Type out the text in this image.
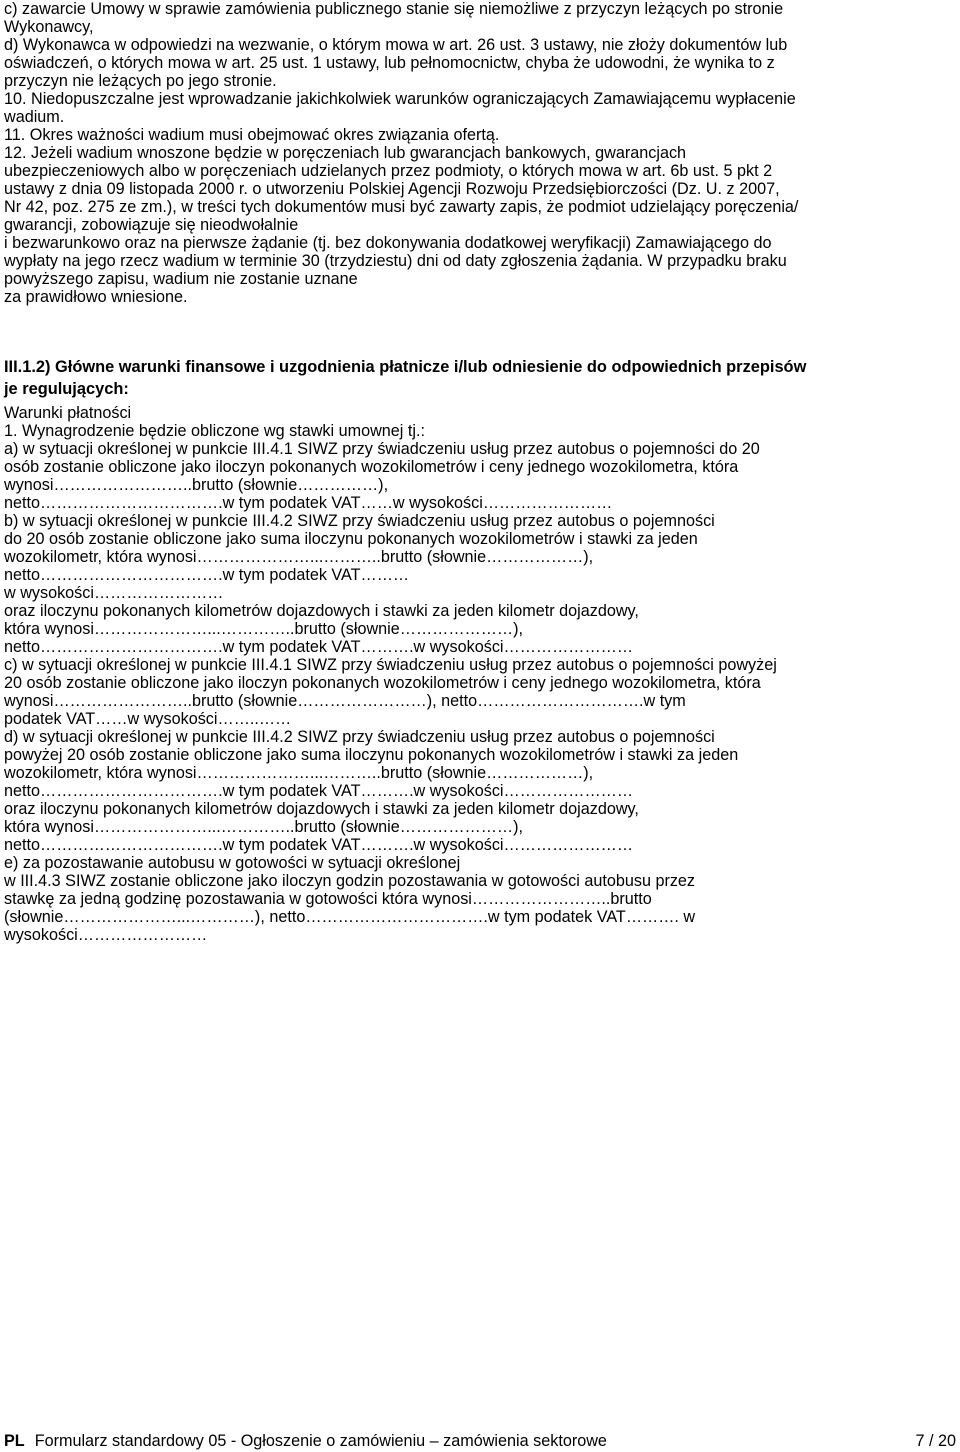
c) zawarcie Umowy w sprawie zamówienia publicznego stanie się niemożliwe z przyczyn leżących po stronie
Wykonawcy,
d) Wykonawca w odpowiedzi na wezwanie, o którym mowa w art. 26 ust. 3 ustawy, nie złoży dokumentów lub
oświadczeń, o których mowa w art. 25 ust. 1 ustawy, lub pełnomocnictw, chyba że udowodni, że wynika to z
przyczyn nie leżących po jego stronie.
10. Niedopuszczalne jest wprowadzanie jakichkolwiek warunków ograniczających Zamawiającemu wypłacenie
wadium.
11. Okres ważności wadium musi obejmować okres związania ofertą.
12. Jeżeli wadium wnoszone będzie w poręczeniach lub gwarancjach bankowych, gwarancjach
ubezpieczeniowych albo w poręczeniach udzielanych przez podmioty, o których mowa w art. 6b ust. 5 pkt 2
ustawy z dnia 09 listopada 2000 r. o utworzeniu Polskiej Agencji Rozwoju Przedsiębiorczości (Dz. U. z 2007,
Nr 42, poz. 275 ze zm.), w treści tych dokumentów musi być zawarty zapis, że podmiot udzielający poręczenia/
gwarancji, zobowiązuje się nieodwołalnie
i bezwarunkowo oraz na pierwsze żądanie (tj. bez dokonywania dodatkowej weryfikacji) Zamawiającego do
wypłaty na jego rzecz wadium w terminie 30 (trzydziestu) dni od daty zgłoszenia żądania. W przypadku braku
powyższego zapisu, wadium nie zostanie uznane
za prawidłowo wniesione.
III.1.2) Główne warunki finansowe i uzgodnienia płatnicze i/lub odniesienie do odpowiednich przepisów
je regulujących:
Warunki płatności
1. Wynagrodzenie będzie obliczone wg stawki umownej tj.:
a) w sytuacji określonej w punkcie III.4.1 SIWZ przy świadczeniu usług przez autobus o pojemności do 20
osób zostanie obliczone jako iloczyn pokonanych wozokilometrów i ceny jednego wozokilometra, która
wynosi……………………..brutto (słownie……………),
netto…………………………….w tym podatek VAT……w wysokości……………………
b) w sytuacji określonej w punkcie III.4.2 SIWZ przy świadczeniu usług przez autobus o pojemności
do 20 osób zostanie obliczone jako suma iloczynu pokonanych wozokilometrów i stawki za jeden
wozokilometr, która wynosi…………………...………..brutto (słownie………………),
netto…………………………….w tym podatek VAT………
w wysokości……………………
oraz iloczynu pokonanych kilometrów dojazdowych i stawki za jeden kilometr dojazdowy,
która wynosi…………………...…………..brutto (słownie…………………),
netto…………………………….w tym podatek VAT……….w wysokości……………………
c) w sytuacji określonej w punkcie III.4.1 SIWZ przy świadczeniu usług przez autobus o pojemności powyżej
20 osób zostanie obliczone jako iloczyn pokonanych wozokilometrów i ceny jednego wozokilometra, która
wynosi……………………..brutto (słownie……………………), netto………………………….w tym
podatek VAT……w wysokości……..……
d) w sytuacji określonej w punkcie III.4.2 SIWZ przy świadczeniu usług przez autobus o pojemności
powyżej 20 osób zostanie obliczone jako suma iloczynu pokonanych wozokilometrów i stawki za jeden
wozokilometr, która wynosi…………………...………..brutto (słownie………………),
netto…………………………….w tym podatek VAT……….w wysokości……………………
oraz iloczynu pokonanych kilometrów dojazdowych i stawki za jeden kilometr dojazdowy,
która wynosi…………………...…………..brutto (słownie…………………),
netto…………………………….w tym podatek VAT……….w wysokości……………………
e) za pozostawanie autobusu w gotowości w sytuacji określonej
w III.4.3 SIWZ zostanie obliczone jako iloczyn godzin pozostawania w gotowości autobusu przez
stawkę za jedną godzinę pozostawania w gotowości która wynosi……………………..brutto
(słownie…………………...…………), netto…………………………….w tym podatek VAT………. w
wysokości……………………
PL Formularz standardowy 05 - Ogłoszenie o zamówieniu – zamówienia sektorowe	7 / 20
